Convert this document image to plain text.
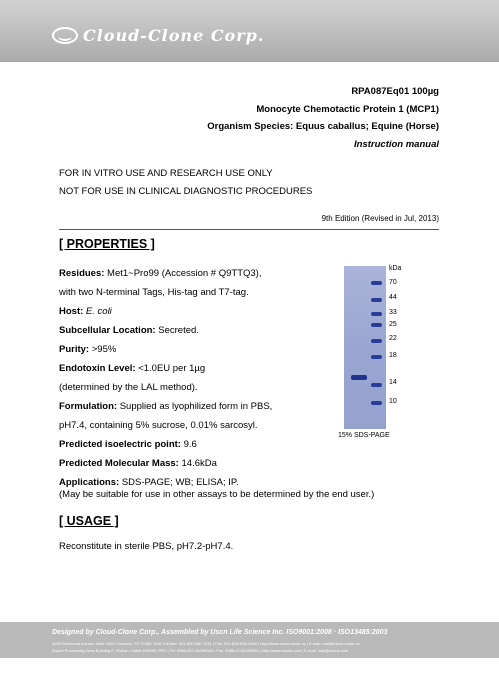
Cloud-Clone Corp.
RPA087Eq01 100µg
Monocyte Chemotactic Protein 1 (MCP1)
Organism Species: Equus caballus; Equine (Horse)
Instruction manual
FOR IN VITRO USE AND RESEARCH USE ONLY
NOT FOR USE IN CLINICAL DIAGNOSTIC PROCEDURES
9th Edition (Revised in Jul, 2013)
[ PROPERTIES ]
Residues: Met1~Pro99 (Accession # Q9TTQ3),
with two N-terminal Tags, His-tag and T7-tag.
Host: E. coli
Subcellular Location: Secreted.
Purity: >95%
Endotoxin Level: <1.0EU per 1µg
(determined by the LAL method).
Formulation: Supplied as lyophilized form in PBS,
pH7.4, containing 5% sucrose, 0.01% sarcosyl.
Predicted isoelectric point: 9.6
Predicted Molecular Mass: 14.6kDa
Applications: SDS-PAGE; WB; ELISA; IP.
(May be suitable for use in other assays to be determined by the end user.)
kDa
70
44
33
25
22
18
14
10
15% SDS-PAGE
[ USAGE ]
Reconstitute in sterile PBS, pH7.2-pH7.4.
Designed by Cloud-Clone Corp., Assembled by Uscn Life Science Inc. ISO9001:2008 · ISO13485:2003
1025 Richmond Avenue Suite 1019, Houston, TX 77055, USA Toll-free: 001-800-980-7431 | Fax: 001-832-538-0368 | http://www.cloud-clone.us | E-mail: mail@cloud-clone.us
Export Processing Zone Building E, Wuhan, Hubei 430056, PRC | Tel: 0086-027-84259040 | Fax: 0086-27-84259551 | http://www.uscnk.com | E-mail: mail@uscnk.com
